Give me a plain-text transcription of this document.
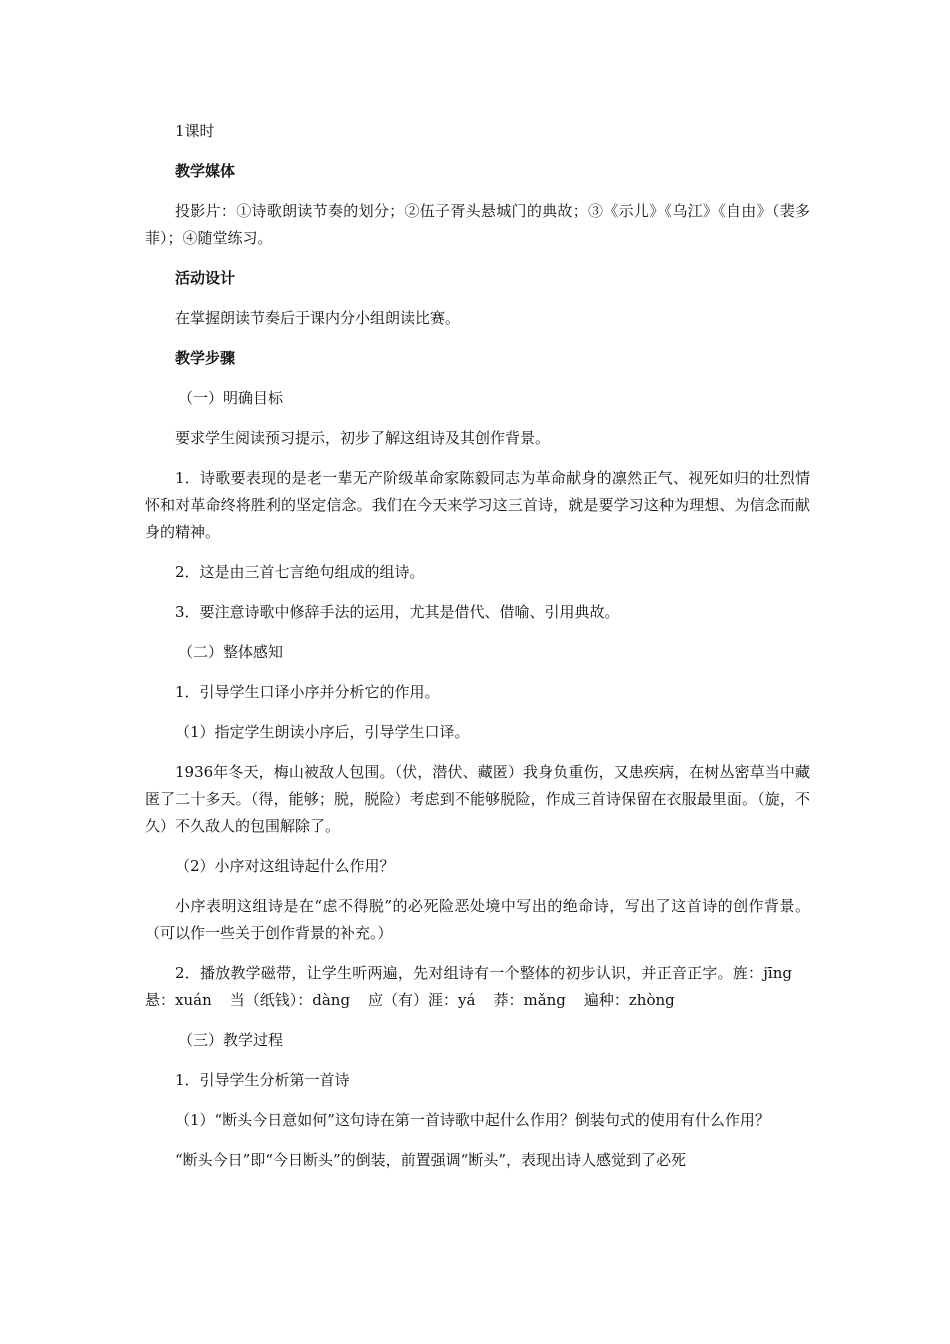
1课时

教学媒体

投影片：①诗歌朗读节奏的划分；②伍子胥头悬城门的典故；③《示儿》《乌江》《自由》（裴多菲）；④随堂练习。

活动设计

在掌握朗读节奏后于课内分小组朗读比赛。

教学步骤

（一）明确目标

要求学生阅读预习提示，初步了解这组诗及其创作背景。

1．诗歌要表现的是老一辈无产阶级革命家陈毅同志为革命献身的凛然正气、视死如归的壮烈情怀和对革命终将胜利的坚定信念。我们在今天来学习这三首诗，就是要学习这种为理想、为信念而献身的精神。

2．这是由三首七言绝句组成的组诗。

3．要注意诗歌中修辞手法的运用，尤其是借代、借喻、引用典故。

（二）整体感知

1．引导学生口译小序并分析它的作用。

（1）指定学生朗读小序后，引导学生口译。

1936年冬天，梅山被敌人包围。（伏，潜伏、藏匿）我身负重伤，又患疾病，在树丛密草当中藏匿了二十多天。（得，能够；脱，脱险）考虑到不能够脱险，作成三首诗保留在衣服最里面。（旋，不久）不久敌人的包围解除了。

（2）小序对这组诗起什么作用？

小序表明这组诗是在“虑不得脱”的必死险恶处境中写出的绝命诗，写出了这首诗的创作背景。（可以作一些关于创作背景的补充。）

2．播放教学磁带，让学生听两遍，先对组诗有一个整体的初步认识，并正音正字。旌：jīng悬：xuán 当（纸钱）：dàng 应（有）涯：yá 莽：mǎng 遍种：zhòng

（三）教学过程

1．引导学生分析第一首诗

（1）“断头今日意如何”这句诗在第一首诗歌中起什么作用？倒装句式的使用有什么作用？

“断头今日”即“今日断头”的倒装，前置强调“断头”，表现出诗人感觉到了必死
